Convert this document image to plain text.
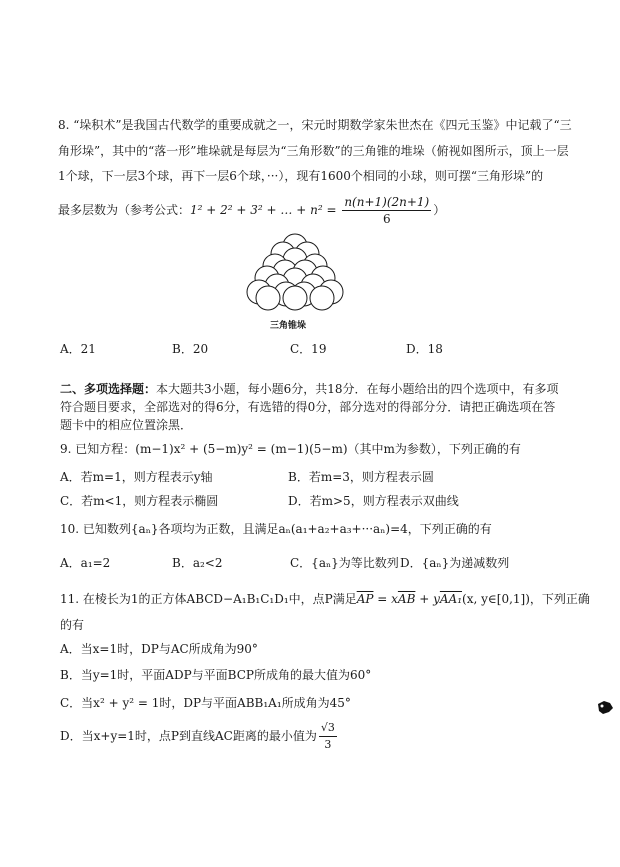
8. “垛积术”是我国古代数学的重要成就之一，宋元时期数学家朱世杰在《四元玉鉴》中记载了“三
角形垛”，其中的“落一形”堆垛就是每层为“三角形数”的三角锥的堆垛（俯视如图所示，顶上一层
1个球，下一层3个球，再下一层6个球，···），现有1600个相同的小球，则可摆“三角形垛”的
最多层数为（参考公式：1² + 2² + 3² + … + $n^2 = \frac{n(n+1)(2n+1)}{6}$ ）
三角锥垛
A．21	B．20	C．19	D．18
二、多项选择题：本大题共3小题，每小题6分，共18分．在每小题给出的四个选项中，有多项
符合题目要求，全部选对的得6分，有选错的得0分，部分选对的得部分分．请把正确选项在答
题卡中的相应位置涂黑．
9. 已知方程：(m−1)x² + (5−m)y² = (m−1)(5−m)（其中m为参数），下列正确的有
A．若m=1，则方程表示y轴	B．若m=3，则方程表示圆
C．若m<1，则方程表示椭圆	D．若m>5，则方程表示双曲线
10. 已知数列{aₙ}各项均为正数，且满足aₙ(a₁+a₂+a₃+···aₙ)=4，下列正确的有
A．a₁=2	B．a₂<2	C．{aₙ}为等比数列 D．{aₙ}为递减数列
11. 在棱长为1的正方体ABCD−A₁B₁C₁D₁中，点P满足$\overline{AP} = x\overline{AB} + yAA_1(x$, y∈[0,1])，下列正确
的有
A．当x=1时，DP与AC所成角为90°
B．当y=1时，平面ADP与平面BCP所成角的最大值为60°
C．当x² + y² = 1时，DP与平面ABB₁A₁所成角为45°
D．当x+y=1时，点P到直线AC距离的最小值为 $\frac{√3}{3}$
